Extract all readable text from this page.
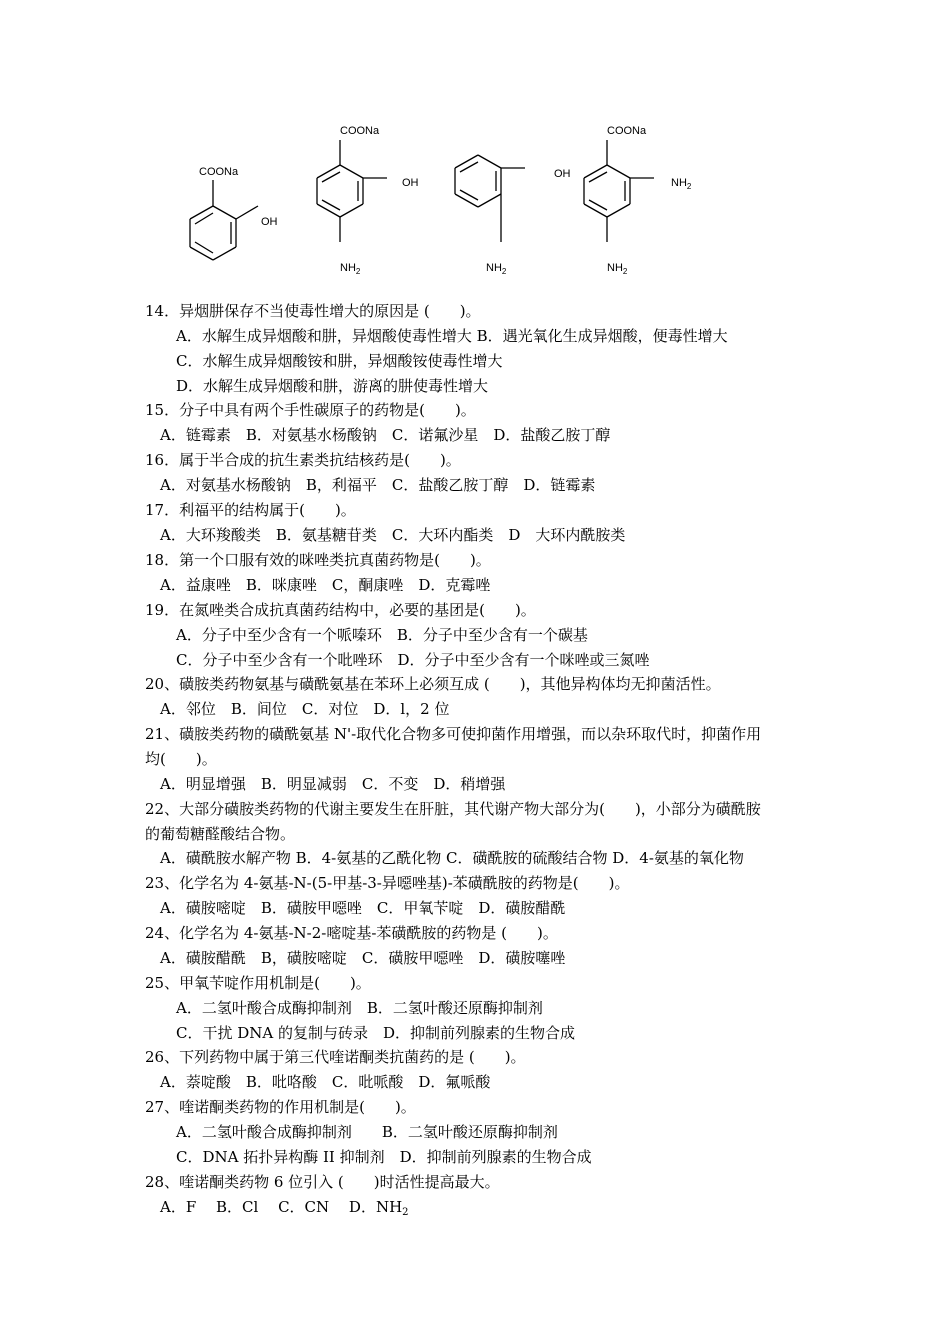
COONa
OH
COONa
OH
$NH_2$
OH
$NH_2$
COONa
$NH_2$
$NH_2$
14．异烟肼保存不当使毒性增大的原因是 (　　)。
A．水解生成异烟酸和肼，异烟酸使毒性增大 B．遇光氧化生成异烟酸，便毒性增大
C．水解生成异烟酸铵和肼，异烟酸铵使毒性增大
D．水解生成异烟酸和肼，游离的肼使毒性增大
15．分子中具有两个手性碳原子的药物是(　　)。
A．链霉素　B．对氨基水杨酸钠　C．诺氟沙星　D．盐酸乙胺丁醇
16．属于半合成的抗生素类抗结核药是(　　)。
A．对氨基水杨酸钠　B，利福平　C．盐酸乙胺丁醇　D．链霉素
17．利福平的结构属于(　　)。
A．大环羧酸类　B．氨基糖苷类　C．大环内酯类　D　大环内酰胺类
18．第一个口服有效的咪唑类抗真菌药物是(　　)。
A．益康唑　B．咪康唑　C，酮康唑　D．克霉唑
19．在氮唑类合成抗真菌药结构中，必要的基团是(　　)。
A．分子中至少含有一个哌嗪环　B．分子中至少含有一个碳基
C．分子中至少含有一个吡唑环　D．分子中至少含有一个咪唑或三氮唑
20、磺胺类药物氨基与磺酰氨基在苯环上必须互成 (　　)，其他异构体均无抑菌活性。
A．邻位　B．间位　C．对位　D．l，2 位
21、磺胺类药物的磺酰氨基 N'-取代化合物多可使抑菌作用增强，而以杂环取代时，抑菌作用
均(　　)。
A．明显增强　B．明显减弱　C．不变　D．稍增强
22、大部分磺胺类药物的代谢主要发生在肝脏，其代谢产物大部分为(　　)，小部分为磺酰胺
的葡萄糖醛酸结合物。
A．磺酰胺水解产物 B．4-氨基的乙酰化物 C．磺酰胺的硫酸结合物 D．4-氨基的氧化物
23、化学名为 4-氨基-N-(5-甲基-3-异噁唑基)-苯磺酰胺的药物是(　　)。
A．磺胺嘧啶　B．磺胺甲噁唑　C．甲氧苄啶　D．磺胺醋酰
24、化学名为 4-氨基-N-2-嘧啶基-苯磺酰胺的药物是 (　　)。
A．磺胺醋酰　B，磺胺嘧啶　C．磺胺甲噁唑　D．磺胺噻唑
25、甲氧苄啶作用机制是(　　)。
A．二氢叶酸合成酶抑制剂　B．二氢叶酸还原酶抑制剂
C．干扰 DNA 的复制与砖录　D．抑制前列腺素的生物合成
26、下列药物中属于第三代喹诺酮类抗菌药的是 (　　)。
A．萘啶酸　B．吡咯酸　C．吡哌酸　D．氟哌酸
27、喹诺酮类药物的作用机制是(　　)。
A．二氢叶酸合成酶抑制剂　　B．二氢叶酸还原酶抑制剂
C．DNA 拓扑异构酶 II 抑制剂　D．抑制前列腺素的生物合成
28、喹诺酮类药物 6 位引入 (　　)时活性提高最大。
A．F　 B．Cl　 C．CN　 D．$NH_2$
